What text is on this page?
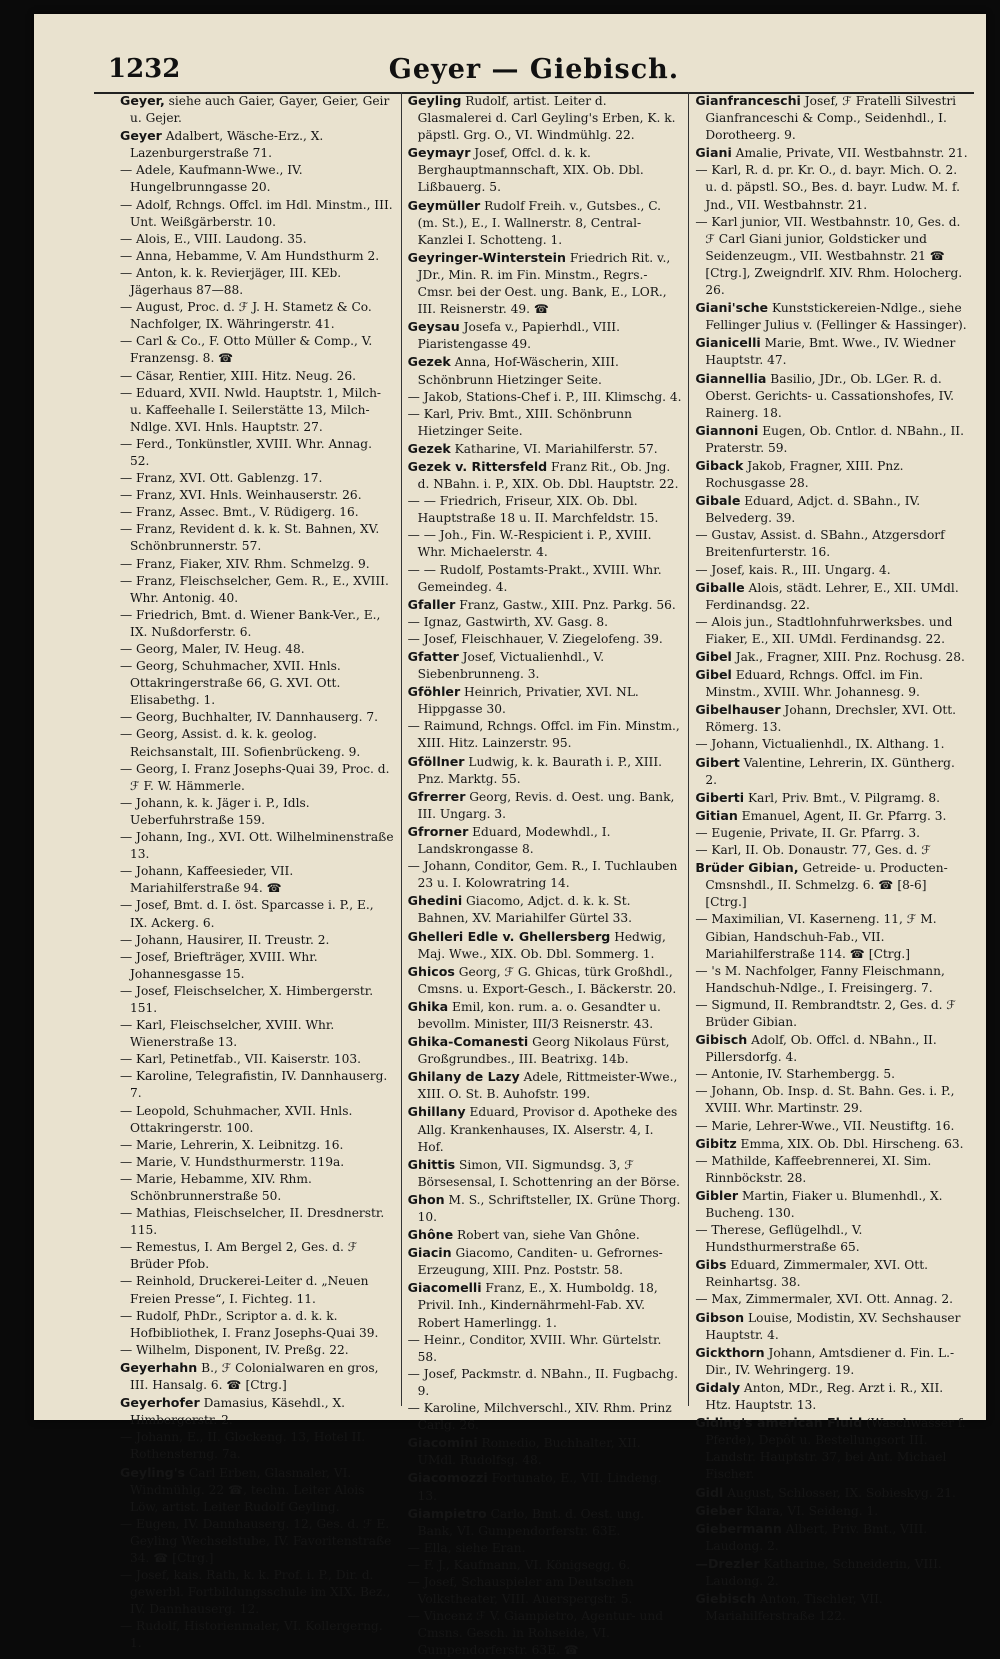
1232	Geyer — Giebisch.

Geyer, siehe auch Gaier, Gayer, Geier, Geir u. Gejer.

Geyer Adalbert, Wäsche-Erz., X. Lazenburgerstraße 71.

— Adele, Kaufmann-Wwe., IV. Hungelbrunngasse 20.

— Adolf, Rchngs. Offcl. im Hdl. Minstm., III. Unt. Weißgärberstr. 10.

— Alois, E., VIII. Laudong. 35.

— Anna, Hebamme, V. Am Hundsthurm 2.

— Anton, k. k. Revierjäger, III. KEb. Jägerhaus 87—88.

— August, Proc. d. ℱ J. H. Stametz & Co. Nachfolger, IX. Währingerstr. 41.

— Carl & Co., F. Otto Müller & Comp., V. Franzensg. 8. ☎

— Cäsar, Rentier, XIII. Hitz. Neug. 26.

— Eduard, XVII. Nwld. Hauptstr. 1, Milch- u. Kaffeehalle I. Seilerstätte 13, Milch-Ndlge. XVI. Hnls. Hauptstr. 27.

— Ferd., Tonkünstler, XVIII. Whr. Annag. 52.

— Franz, XVI. Ott. Gablenzg. 17.

— Franz, XVI. Hnls. Weinhauserstr. 26.

— Franz, Assec. Bmt., V. Rüdigerg. 16.

— Franz, Revident d. k. k. St. Bahnen, XV. Schönbrunnerstr. 57.

— Franz, Fiaker, XIV. Rhm. Schmelzg. 9.

— Franz, Fleischselcher, Gem. R., E., XVIII. Whr. Antonig. 40.

— Friedrich, Bmt. d. Wiener Bank-Ver., E., IX. Nußdorferstr. 6.

— Georg, Maler, IV. Heug. 48.

— Georg, Schuhmacher, XVII. Hnls. Ottakringerstraße 66, G. XVI. Ott. Elisabethg. 1.

— Georg, Buchhalter, IV. Dannhauserg. 7.

— Georg, Assist. d. k. k. geolog. Reichsanstalt, III. Sofienbrückeng. 9.

— Georg, I. Franz Josephs-Quai 39, Proc. d. ℱ F. W. Hämmerle.

— Johann, k. k. Jäger i. P., Idls. Ueberfuhrstraße 159.

— Johann, Ing., XVI. Ott. Wilhelminenstraße 13.

— Johann, Kaffeesieder, VII. Mariahilferstraße 94. ☎

— Josef, Bmt. d. I. öst. Sparcasse i. P., E., IX. Ackerg. 6.

— Johann, Hausirer, II. Treustr. 2.

— Josef, Briefträger, XVIII. Whr. Johannesgasse 15.

— Josef, Fleischselcher, X. Himbergerstr. 151.

— Karl, Fleischselcher, XVIII. Whr. Wienerstraße 13.

— Karl, Petinetfab., VII. Kaiserstr. 103.

— Karoline, Telegrafistin, IV. Dannhauserg. 7.

— Leopold, Schuhmacher, XVII. Hnls. Ottakringerstr. 100.

— Marie, Lehrerin, X. Leibnitzg. 16.

— Marie, V. Hundsthurmerstr. 119a.

— Marie, Hebamme, XIV. Rhm. Schönbrunnerstraße 50.

— Mathias, Fleischselcher, II. Dresdnerstr. 115.

— Remestus, I. Am Bergel 2, Ges. d. ℱ Brüder Pfob.

— Reinhold, Druckerei-Leiter d. „Neuen Freien Presse“, I. Fichteg. 11.

— Rudolf, PhDr., Scriptor a. d. k. k. Hofbibliothek, I. Franz Josephs-Quai 39.

— Wilhelm, Disponent, IV. Preßg. 22.

Geyerhahn B., ℱ Colonialwaren en gros, III. Hansalg. 6. ☎ [Ctrg.]

Geyerhofer Damasius, Käsehdl., X. Himbergerstr. 2.

— Johann, E., II. Glockeng. 13, Hotel II. Rothensterng. 7a.

Geyling's Carl Erben, Glasmaler, VI. Windmühlg. 22 ☎, techn. Leiter Alois Löw, artist. Leiter Rudolf Geyling.

— Eugen, IV. Dannhauserg. 12, Ges. d. ℱ E. Geyling Wechselstube, IV. Favoritenstraße 34. ☎ [Ctrg.]

— Josef, kais. Rath, k. k. Prof. i. P., Dir. d. gewerbl. Fortbildungsschule im XIX. Bez., IV. Dannhauserg. 12.

— Rudolf, Historienmaler, VI. Kollergerng. 1.

Geyling Rudolf, artist. Leiter d. Glasmalerei d. Carl Geyling's Erben, K. k. päpstl. Grg. O., VI. Windmühlg. 22.

Geymayr Josef, Offcl. d. k. k. Berghauptmannschaft, XIX. Ob. Dbl. Lißbauerg. 5.

Geymüller Rudolf Freih. v., Gutsbes., C. (m. St.), E., I. Wallnerstr. 8, Central-Kanzlei I. Schotteng. 1.

Geyringer-Winterstein Friedrich Rit. v., JDr., Min. R. im Fin. Minstm., Regrs.-Cmsr. bei der Oest. ung. Bank, E., LOR., III. Reisnerstr. 49. ☎

Geysau Josefa v., Papierhdl., VIII. Piaristengasse 49.

Gezek Anna, Hof-Wäscherin, XIII. Schönbrunn Hietzinger Seite.

— Jakob, Stations-Chef i. P., III. Klimschg. 4.

— Karl, Priv. Bmt., XIII. Schönbrunn Hietzinger Seite.

Gezek Katharine, VI. Mariahilferstr. 57.

Gezek v. Rittersfeld Franz Rit., Ob. Jng. d. NBahn. i. P., XIX. Ob. Dbl. Hauptstr. 22.

— — Friedrich, Friseur, XIX. Ob. Dbl. Hauptstraße 18 u. II. Marchfeldstr. 15.

— — Joh., Fin. W.-Respicient i. P., XVIII. Whr. Michaelerstr. 4.

— — Rudolf, Postamts-Prakt., XVIII. Whr. Gemeindeg. 4.

Gfaller Franz, Gastw., XIII. Pnz. Parkg. 56.

— Ignaz, Gastwirth, XV. Gasg. 8.

— Josef, Fleischhauer, V. Ziegelofeng. 39.

Gfatter Josef, Victualienhdl., V. Siebenbrunneng. 3.

Gföhler Heinrich, Privatier, XVI. NL. Hippgasse 30.

— Raimund, Rchngs. Offcl. im Fin. Minstm., XIII. Hitz. Lainzerstr. 95.

Gföllner Ludwig, k. k. Baurath i. P., XIII. Pnz. Marktg. 55.

Gfrerrer Georg, Revis. d. Oest. ung. Bank, III. Ungarg. 3.

Gfrorner Eduard, Modewhdl., I. Landskrongasse 8.

— Johann, Conditor, Gem. R., I. Tuchlauben 23 u. I. Kolowratring 14.

Ghedini Giacomo, Adjct. d. k. k. St. Bahnen, XV. Mariahilfer Gürtel 33.

Ghelleri Edle v. Ghellersberg Hedwig, Maj. Wwe., XIX. Ob. Dbl. Sommerg. 1.

Ghicos Georg, ℱ G. Ghicas, türk Großhdl., Cmsns. u. Export-Gesch., I. Bäckerstr. 20.

Ghika Emil, kon. rum. a. o. Gesandter u. bevollm. Minister, III/3 Reisnerstr. 43.

Ghika-Comanesti Georg Nikolaus Fürst, Großgrundbes., III. Beatrixg. 14b.

Ghilany de Lazy Adele, Rittmeister-Wwe., XIII. O. St. B. Auhofstr. 199.

Ghillany Eduard, Provisor d. Apotheke des Allg. Krankenhauses, IX. Alserstr. 4, I. Hof.

Ghittis Simon, VII. Sigmundsg. 3, ℱ Börsesensal, I. Schottenring an der Börse.

Ghon M. S., Schriftsteller, IX. Grüne Thorg. 10.

Ghône Robert van, siehe Van Ghône.

Giacin Giacomo, Canditen- u. Gefrornes-Erzeugung, XIII. Pnz. Poststr. 58.

Giacomelli Franz, E., X. Humboldg. 18, Privil. Inh., Kindernährmehl-Fab. XV. Robert Hamerlingg. 1.

— Heinr., Conditor, XVIII. Whr. Gürtelstr. 58.

— Josef, Packmstr. d. NBahn., II. Fugbachg. 9.

— Karoline, Milchverschl., XIV. Rhm. Prinz Carlg. 26.

Giacomini Romedio, Buchhalter, XII. UMdl. Rudolfsg. 48.

Giacomozzi Fortunato, E., VII. Lindeng. 13.

Giampietro Carlo, Bmt. d. Oest. ung. Bank, VI. Gumpendorferstr. 63E.

— Ella, siehe Eran.

— F. J., Kaufmann, VI. Königsegg. 6.

— Josef, Schauspieler am Deutschen Volkstheater, VIII. Auerspergstr. 5.

— Vincenz ℱ V. Giampietro, Agentur- und Cmsns. Gesch. in Rohseide, VI. Gumpendorferstr. 63E. ☎

Gianfranceschi Josef, ℱ Fratelli Silvestri Gianfranceschi & Comp., Seidenhdl., I. Dorotheerg. 9.

Giani Amalie, Private, VII. Westbahnstr. 21.

— Karl, R. d. pr. Kr. O., d. bayr. Mich. O. 2. u. d. päpstl. SO., Bes. d. bayr. Ludw. M. f. Jnd., VII. Westbahnstr. 21.

— Karl junior, VII. Westbahnstr. 10, Ges. d. ℱ Carl Giani junior, Goldsticker und Seidenzeugm., VII. Westbahnstr. 21 ☎ [Ctrg.], Zweigndrlf. XIV. Rhm. Holocherg. 26.

Giani'sche Kunststickereien-Ndlge., siehe Fellinger Julius v. (Fellinger & Hassinger).

Gianicelli Marie, Bmt. Wwe., IV. Wiedner Hauptstr. 47.

Giannellia Basilio, JDr., Ob. LGer. R. d. Oberst. Gerichts- u. Cassationshofes, IV. Rainerg. 18.

Giannoni Eugen, Ob. Cntlor. d. NBahn., II. Praterstr. 59.

Giback Jakob, Fragner, XIII. Pnz. Rochusgasse 28.

Gibale Eduard, Adjct. d. SBahn., IV. Belvederg. 39.

— Gustav, Assist. d. SBahn., Atzgersdorf Breitenfurterstr. 16.

— Josef, kais. R., III. Ungarg. 4.

Giballe Alois, städt. Lehrer, E., XII. UMdl. Ferdinandsg. 22.

— Alois jun., Stadtlohnfuhrwerksbes. und Fiaker, E., XII. UMdl. Ferdinandsg. 22.

Gibel Jak., Fragner, XIII. Pnz. Rochusg. 28.

Gibel Eduard, Rchngs. Offcl. im Fin. Minstm., XVIII. Whr. Johannesg. 9.

Gibelhauser Johann, Drechsler, XVI. Ott. Römerg. 13.

— Johann, Victualienhdl., IX. Althang. 1.

Gibert Valentine, Lehrerin, IX. Güntherg. 2.

Giberti Karl, Priv. Bmt., V. Pilgramg. 8.

Gitian Emanuel, Agent, II. Gr. Pfarrg. 3.

— Eugenie, Private, II. Gr. Pfarrg. 3.

— Karl, II. Ob. Donaustr. 77, Ges. d. ℱ

Brüder Gibian, Getreide- u. Producten-Cmsnshdl., II. Schmelzg. 6. ☎ [8-6] [Ctrg.]

— Maximilian, VI. Kaserneng. 11, ℱ M. Gibian, Handschuh-Fab., VII. Mariahilferstraße 114. ☎ [Ctrg.]

— 's M. Nachfolger, Fanny Fleischmann, Handschuh-Ndlge., I. Freisingerg. 7.

— Sigmund, II. Rembrandtstr. 2, Ges. d. ℱ Brüder Gibian.

Gibisch Adolf, Ob. Offcl. d. NBahn., II. Pillersdorfg. 4.

— Antonie, IV. Starhembergg. 5.

— Johann, Ob. Insp. d. St. Bahn. Ges. i. P., XVIII. Whr. Martinstr. 29.

— Marie, Lehrer-Wwe., VII. Neustiftg. 16.

Gibitz Emma, XIX. Ob. Dbl. Hirscheng. 63.

— Mathilde, Kaffeebrennerei, XI. Sim. Rinnböckstr. 28.

Gibler Martin, Fiaker u. Blumenhdl., X. Bucheng. 130.

— Therese, Geflügelhdl., V. Hundsthurmerstraße 65.

Gibs Eduard, Zimmermaler, XVI. Ott. Reinhartsg. 38.

— Max, Zimmermaler, XVI. Ott. Annag. 2.

Gibson Louise, Modistin, XV. Sechshauser Hauptstr. 4.

Gickthorn Johann, Amtsdiener d. Fin. L.-Dir., IV. Wehringerg. 19.

Gidaly Anton, MDr., Reg. Arzt i. R., XII. Htz. Hauptstr. 13.

Giding's american Fluid (Waschwasser f. Pferde), Depôt u. Bestellungsort III. Landstr. Hauptstr. 37, bei Ant. Michael Fischer.

Gidl August, Schlosser, IX. Sobieskyg. 21.

Gieber Klara, VI. Seideng. 1.

Giebermann Albert, Priv. Bmt., VIII. Laudong. 2.

—Drezler Katharine, Schneiderin, VIII. Laudong. 2.

Giebisch Anton, Tischler, VII. Mariahilferstraße 122.
